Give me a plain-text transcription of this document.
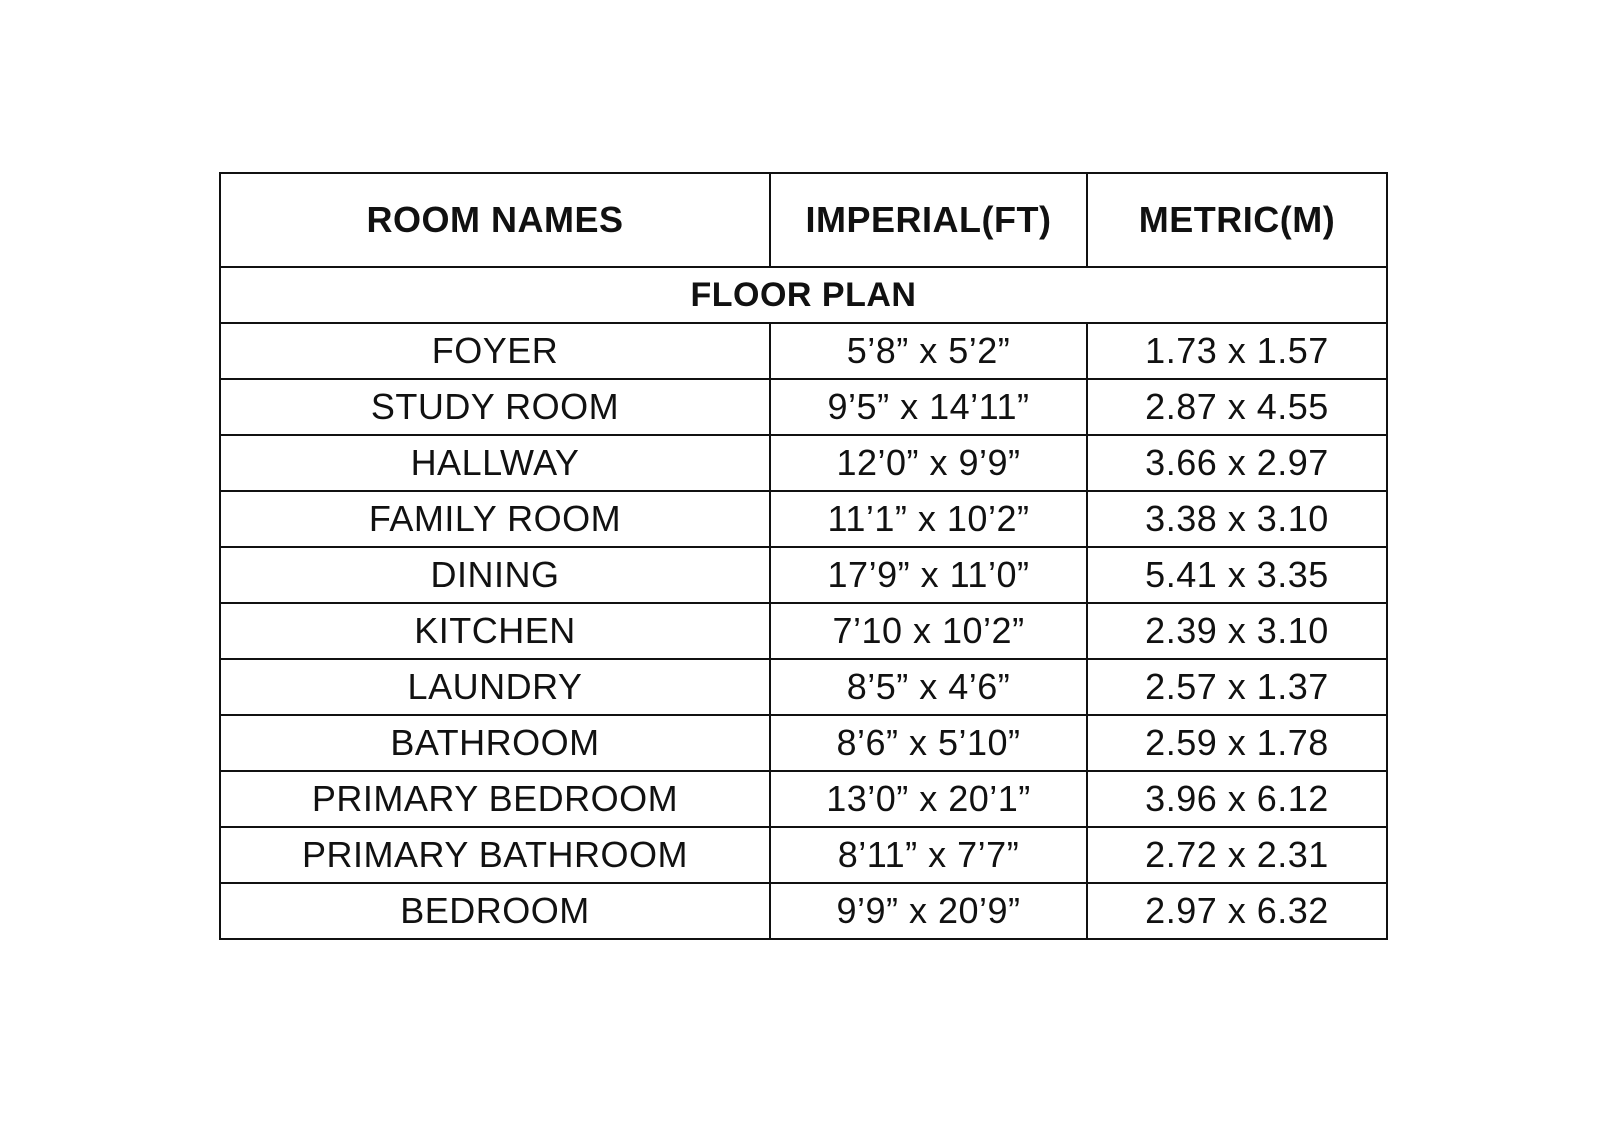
ROOM NAMES	IMPERIAL(FT)	METRIC(M)
FLOOR PLAN		
FOYER	5’8” x 5’2”	1.73 x 1.57
STUDY ROOM	9’5” x 14’11”	2.87 x 4.55
HALLWAY	12’0” x 9’9”	3.66 x 2.97
FAMILY ROOM	11’1” x 10’2”	3.38 x 3.10
DINING	17’9” x 11’0”	5.41 x 3.35
KITCHEN	7’10 x 10’2”	2.39 x 3.10
LAUNDRY	8’5” x 4’6”	2.57 x 1.37
BATHROOM	8’6” x 5’10”	2.59 x 1.78
PRIMARY BEDROOM	13’0” x 20’1”	3.96 x 6.12
PRIMARY BATHROOM	8’11” x 7’7”	2.72 x 2.31
BEDROOM	9’9” x 20’9”	2.97 x 6.32
